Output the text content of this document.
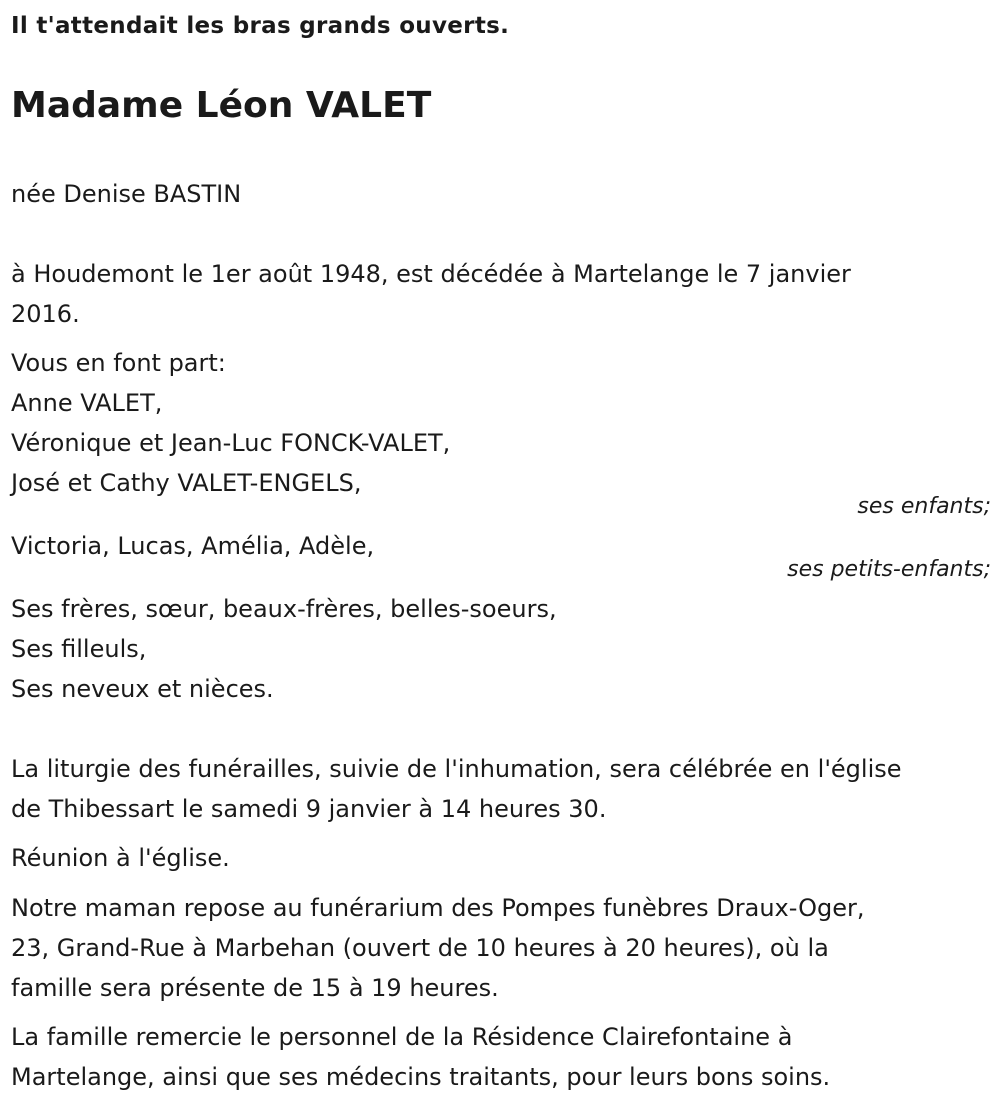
Il t'attendait les bras grands ouverts.
Madame Léon VALET
née Denise BASTIN
à Houdemont le 1er août 1948, est décédée à Martelange le 7 janvier
2016.
Vous en font part:
Anne VALET,
Véronique et Jean-Luc FONCK-VALET,
José et Cathy VALET-ENGELS,
ses enfants;
Victoria, Lucas, Amélia, Adèle,
ses petits-enfants;
Ses frères, sœur, beaux-frères, belles-soeurs,
Ses filleuls,
Ses neveux et nièces.
La liturgie des funérailles, suivie de l'inhumation, sera célébrée en l'église
de Thibessart le samedi 9 janvier à 14 heures 30.
Réunion à l'église.
Notre maman repose au funérarium des Pompes funèbres Draux-Oger,
23, Grand-Rue à Marbehan (ouvert de 10 heures à 20 heures), où la
famille sera présente de 15 à 19 heures.
La famille remercie le personnel de la Résidence Clairefontaine à
Martelange, ainsi que ses médecins traitants, pour leurs bons soins.
